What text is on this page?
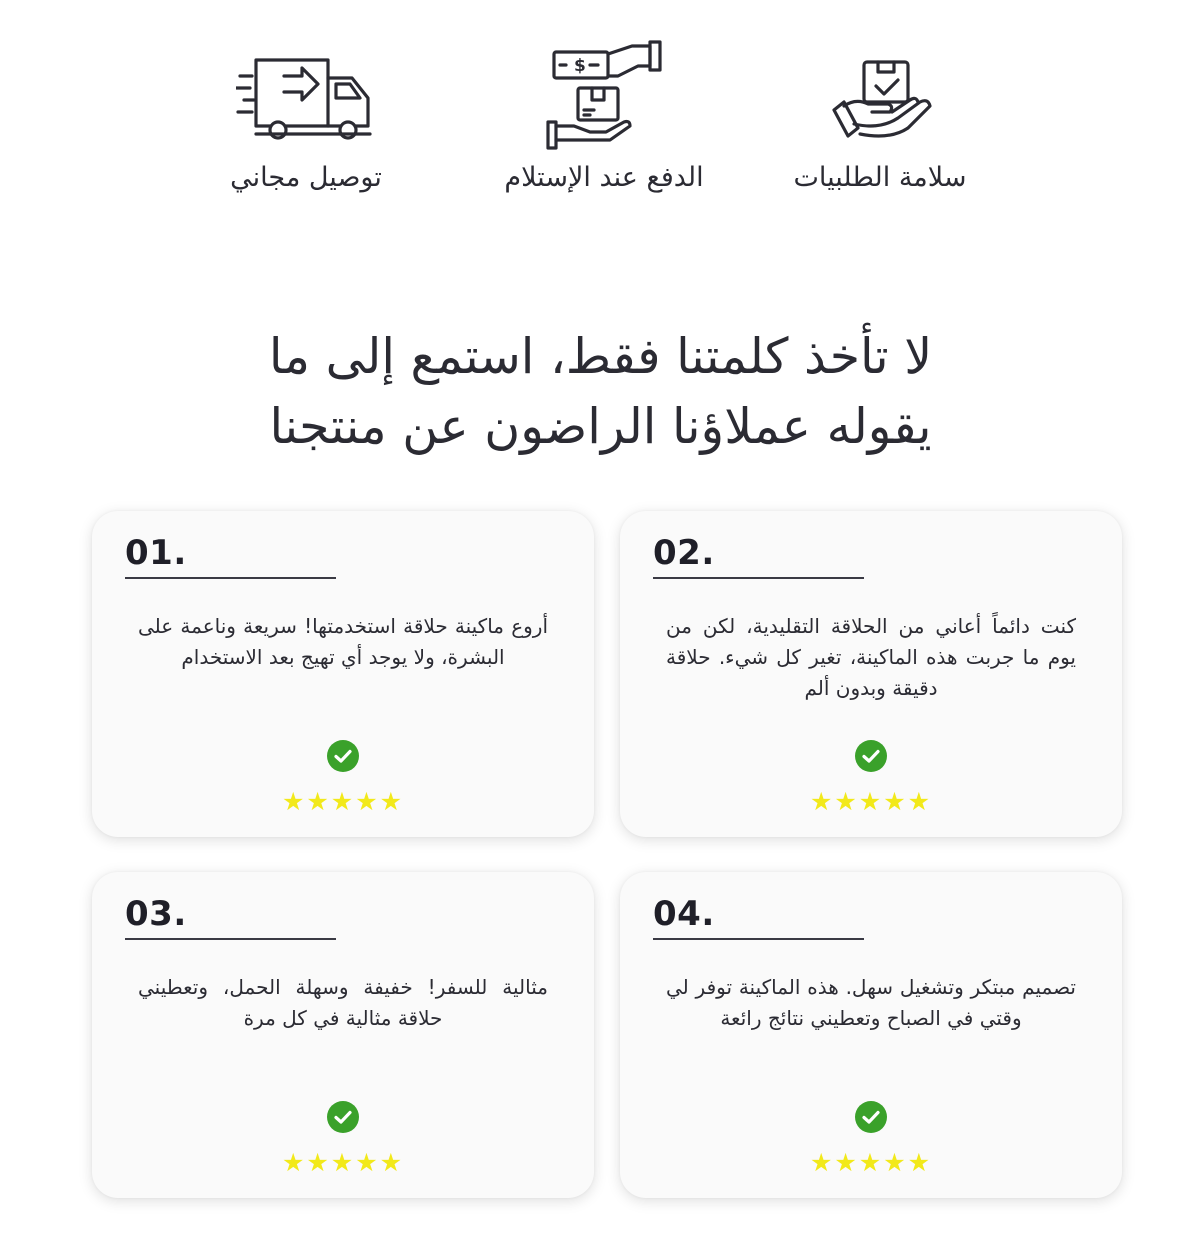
توصيل مجاني
$
الدفع عند الإستلام	سلامة الطلبيات
لا تأخذ كلمتنا فقط، استمع إلى ما
يقوله عملاؤنا الراضون عن منتجنا
01.

أروع ماكينة حلاقة استخدمتها! سريعة وناعمة على البشرة، ولا يوجد أي تهيج بعد الاستخدام

★★★★★
02.

كنت دائماً أعاني من الحلاقة التقليدية، لكن من يوم ما جربت هذه الماكينة، تغير كل شيء. حلاقة دقيقة وبدون ألم

★★★★★
03.

مثالية للسفر! خفيفة وسهلة الحمل، وتعطيني حلاقة مثالية في كل مرة

★★★★★
04.

تصميم مبتكر وتشغيل سهل. هذه الماكينة توفر لي وقتي في الصباح وتعطيني نتائج رائعة

★★★★★
